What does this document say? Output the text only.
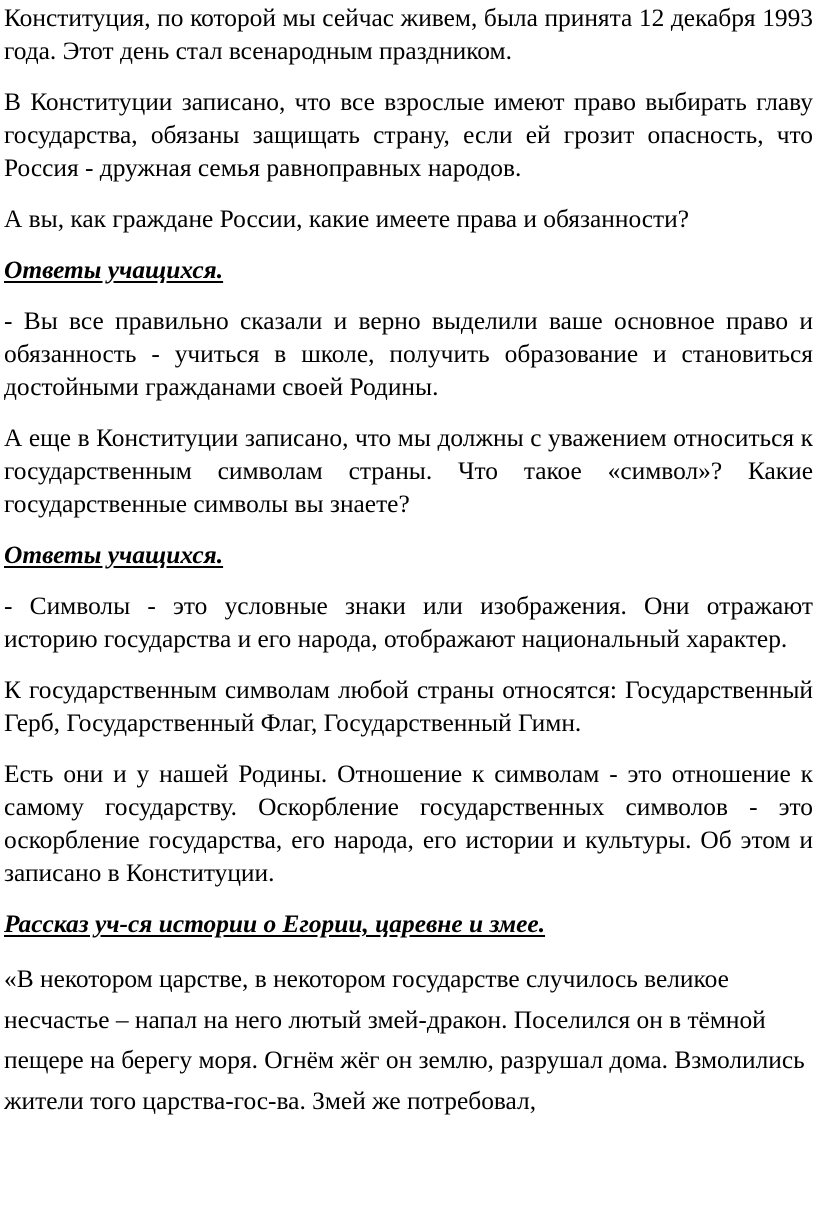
Конституция, по которой мы сейчас живем, была принята 12 декабря 1993 года. Этот день стал всенародным праздником.

В Конституции записано, что все взрослые имеют право выбирать главу государства, обязаны защищать страну, если ей грозит опасность, что Россия - дружная семья равноправных народов.

А вы, как граждане России, какие имеете права и обязанности?

Ответы учащихся.

- Вы все правильно сказали и верно выделили ваше основное право и обязанность - учиться в школе, получить образование и становиться достойными гражданами своей Родины.

А еще в Конституции записано, что мы должны с уважением относиться к государственным символам страны. Что такое «символ»? Какие государственные символы вы знаете?

Ответы учащихся.

- Символы - это условные знаки или изображения. Они отражают историю государства и его народа, отображают национальный характер.

К государственным символам любой страны относятся: Государственный Герб, Государственный Флаг, Государственный Гимн.

Есть они и у нашей Родины. Отношение к символам - это отношение к самому государству. Оскорбление государственных символов - это оскорбление государства, его народа, его истории и культуры. Об этом и записано в Конституции.

Рассказ уч-ся истории о Егории, царевне и змее.

«В некотором царстве, в некотором государстве случилось великое несчастье – напал на него лютый змей-дракон. Поселился он в тёмной пещере на берегу моря. Огнём жёг он землю, разрушал дома. Взмолились жители того царства-гос-ва. Змей же потребовал,
